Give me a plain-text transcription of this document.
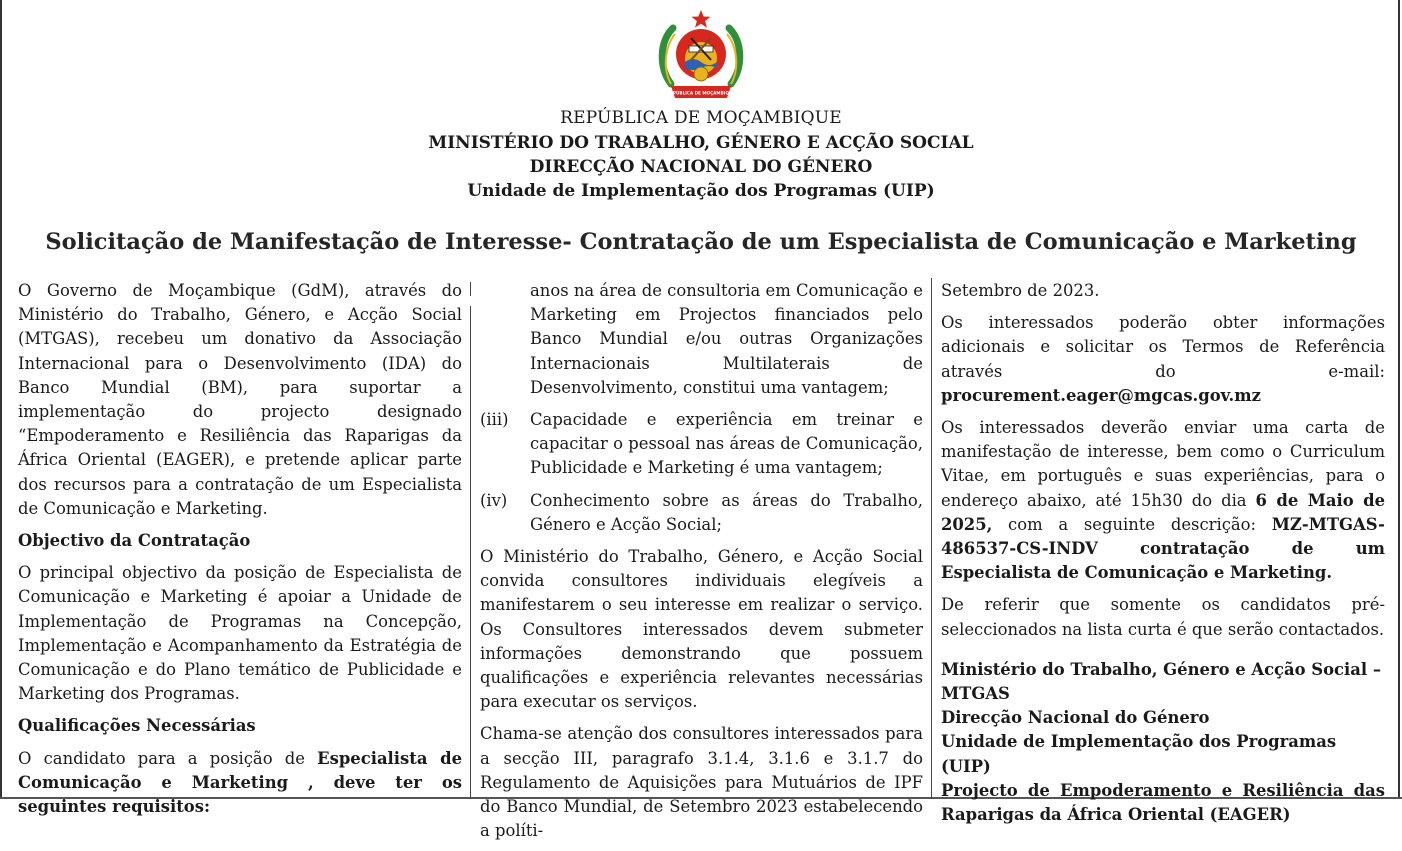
REPÚBLICA DE MOÇAMBIQUE
REPÚBLICA DE MOÇAMBIQUE
MINISTÉRIO DO TRABALHO, GÉNERO E ACÇÃO SOCIAL
DIRECÇÃO NACIONAL DO GÉNERO
Unidade de Implementação dos Programas (UIP)
Solicitação de Manifestação de Interesse- Contratação de um Especialista de Comunicação e Marketing

O Governo de Moçambique (GdM), através do Ministério do Trabalho, Género, e Acção Social (MTGAS), recebeu um donativo da Associação Internacional para o Desenvolvimento (IDA) do Banco Mundial (BM), para suportar a implementação do projecto designado “Empoderamento e Resiliência das Raparigas da África Oriental (EAGER), e pretende aplicar parte dos recursos para a contratação de um Especialista de Comunicação e Marketing.

Objectivo da Contratação

O principal objectivo da posição de Especialista de Comunicação e Marketing é apoiar a Unidade de Implementação de Programas na Concepção, Implementação e Acompanhamento da Estratégia de Comunicação e do Plano temático de Publicidade e Marketing dos Programas.

Qualificações Necessárias

O candidato para a posição de Especialista de Comunicação e Marketing , deve ter os seguintes requisitos:

anos na área de consultoria em Comunicação e Marketing em Projectos financiados pelo Banco Mundial e/ou outras Organizações Internacionais Multilaterais de Desenvolvimento, constitui uma vantagem;

(iii)	Capacidade e experiência em treinar e capacitar o pessoal nas áreas de Comunicação, Publicidade e Marketing é uma vantagem;
(iv)	Conhecimento sobre as áreas do Trabalho, Género e Acção Social;

O Ministério do Trabalho, Género, e Acção Social convida consultores individuais elegíveis a manifestarem o seu interesse em realizar o serviço. Os Consultores interessados devem submeter informações demonstrando que possuem qualificações e experiência relevantes necessárias para executar os serviços.

Chama-se atenção dos consultores interessados para a secção III, paragrafo 3.1.4, 3.1.6 e 3.1.7 do Regulamento de Aquisições para Mutuários de IPF do Banco Mundial, de Setembro 2023 estabelecendo a políti-

Setembro de 2023.

Os interessados poderão obter informações adicionais e solicitar os Termos de Referência através do e-mail: procurement.eager@mgcas.gov.mz

Os interessados deverão enviar uma carta de manifestação de interesse, bem como o Curriculum Vitae, em português e suas experiências, para o endereço abaixo, até 15h30 do dia 6 de Maio de 2025, com a seguinte descrição: MZ-MTGAS-486537-CS-INDV contratação de um Especialista de Comunicação e Marketing.

De referir que somente os candidatos pré-seleccionados na lista curta é que serão contactados.

Ministério do Trabalho, Género e Acção Social – MTGAS

Direcção Nacional do Género

Unidade de Implementação dos Programas (UIP)

Projecto de Empoderamento e Resiliência das Raparigas da África Oriental (EAGER)
